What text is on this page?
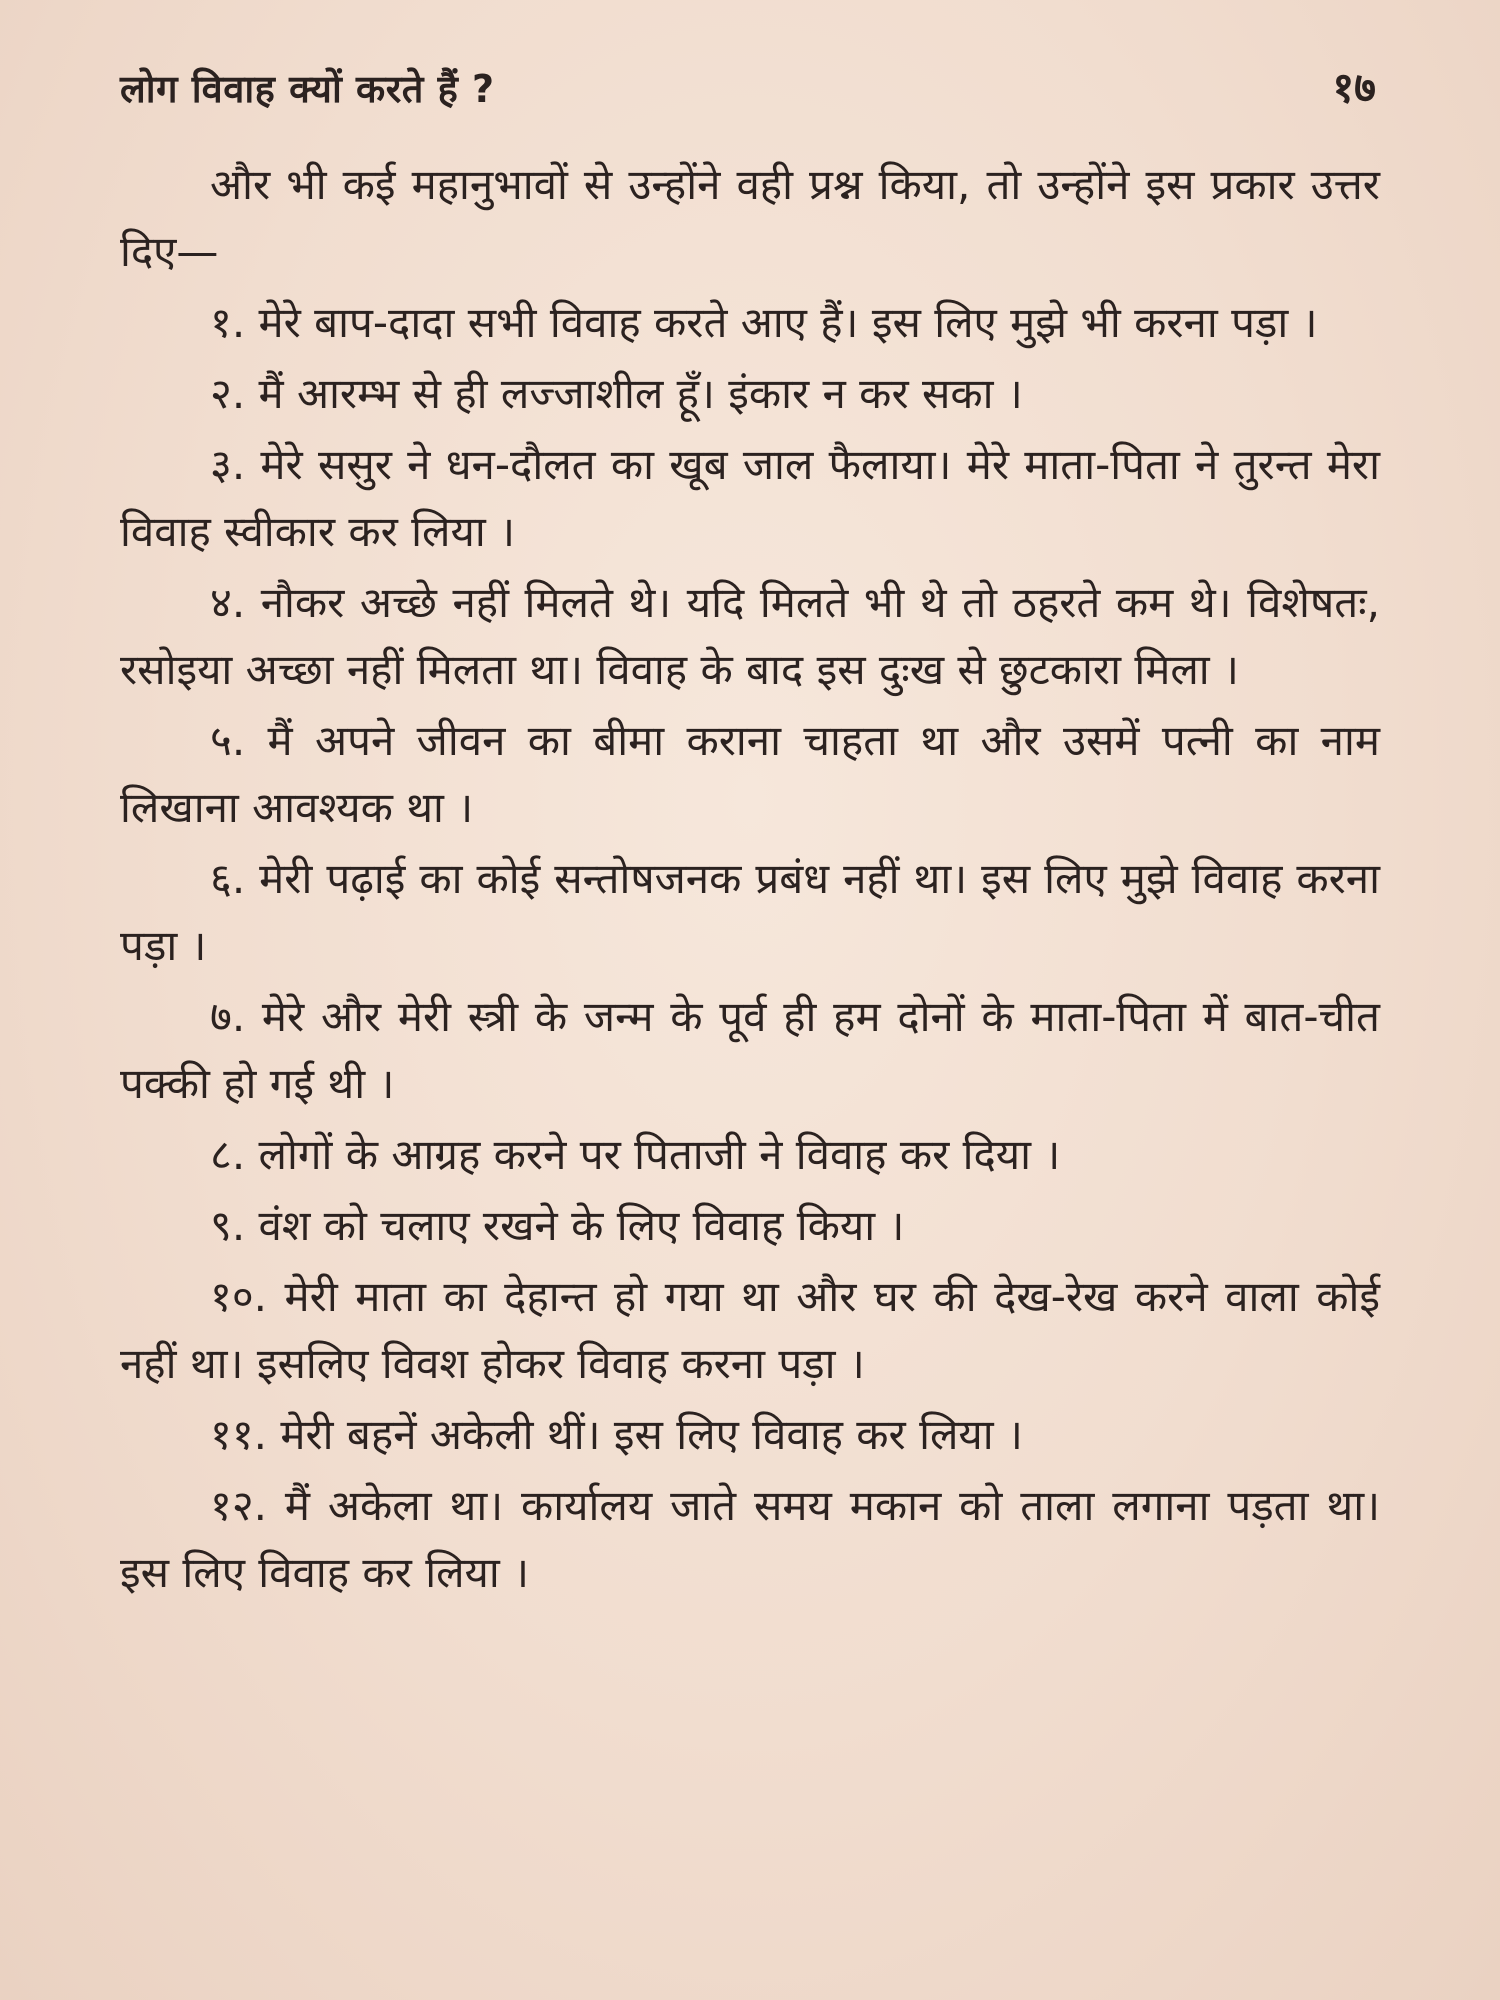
लोग विवाह क्यों करते हैं ?	१७

और भी कई महानुभावों से उन्होंने वही प्रश्न किया, तो उन्होंने इस प्रकार उत्तर दिए—

१. मेरे बाप-दादा सभी विवाह करते आए हैं। इस लिए मुझे भी करना पड़ा ।

२. मैं आरम्भ से ही लज्जाशील हूँ। इंकार न कर सका ।

३. मेरे ससुर ने धन-दौलत का खूब जाल फैलाया। मेरे माता-पिता ने तुरन्त मेरा विवाह स्वीकार कर लिया ।

४. नौकर अच्छे नहीं मिलते थे। यदि मिलते भी थे तो ठहरते कम थे। विशेषतः, रसोइया अच्छा नहीं मिलता था। विवाह के बाद इस दुःख से छुटकारा मिला ।

५. मैं अपने जीवन का बीमा कराना चाहता था और उसमें पत्नी का नाम लिखाना आवश्यक था ।

६. मेरी पढ़ाई का कोई सन्तोषजनक प्रबंध नहीं था। इस लिए मुझे विवाह करना पड़ा ।

७. मेरे और मेरी स्त्री के जन्म के पूर्व ही हम दोनों के माता-पिता में बात-चीत पक्की हो गई थी ।

८. लोगों के आग्रह करने पर पिताजी ने विवाह कर दिया ।

९. वंश को चलाए रखने के लिए विवाह किया ।

१०. मेरी माता का देहान्त हो गया था और घर की देख-रेख करने वाला कोई नहीं था। इसलिए विवश होकर विवाह करना पड़ा ।

११. मेरी बहनें अकेली थीं। इस लिए विवाह कर लिया ।

१२. मैं अकेला था। कार्यालय जाते समय मकान को ताला लगाना पड़ता था। इस लिए विवाह कर लिया ।
